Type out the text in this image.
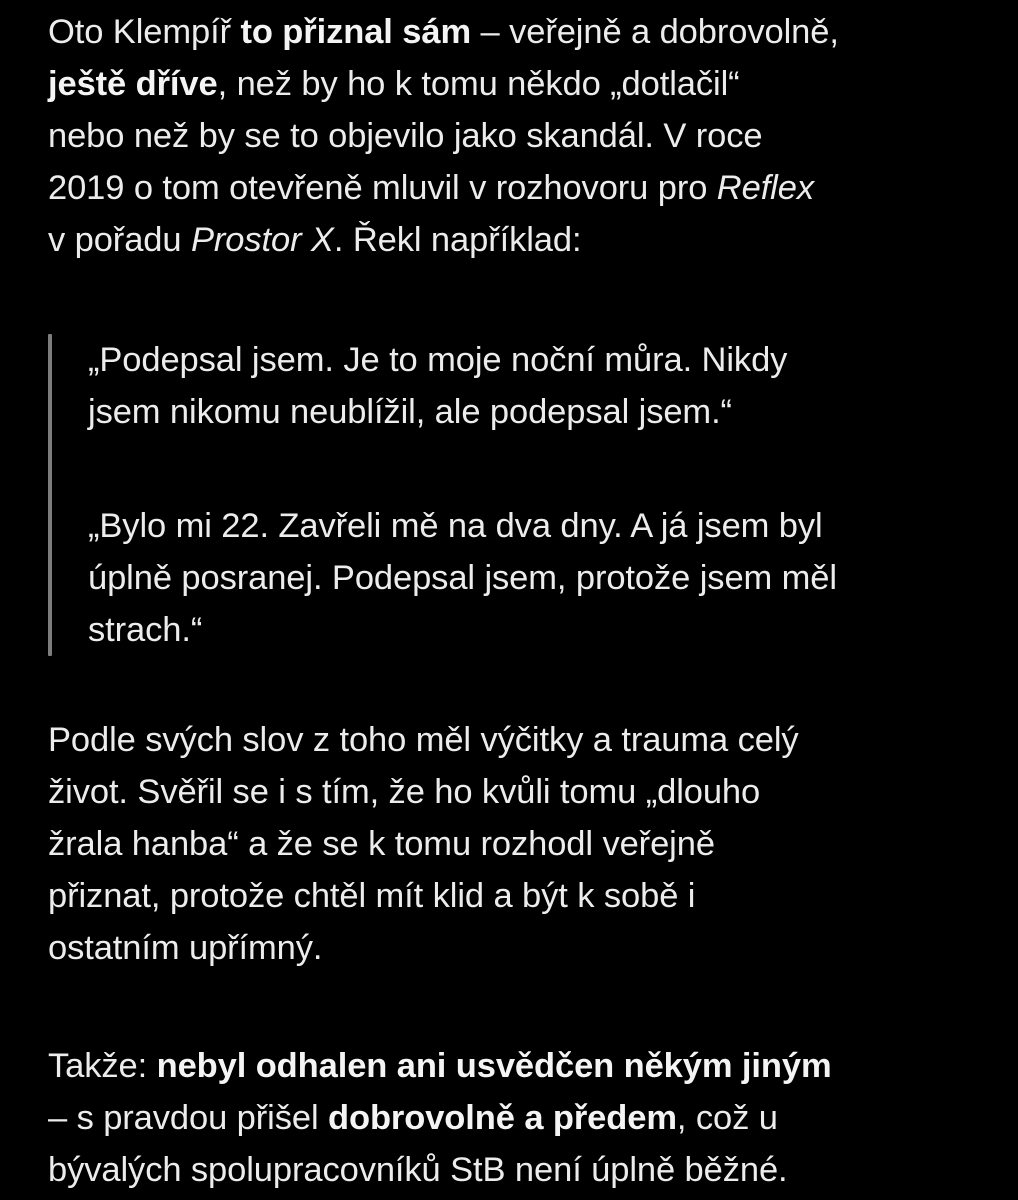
Oto Klempíř to přiznal sám – veřejně a dobrovolně,
ještě dříve, než by ho k tomu někdo „dotlačil“
nebo než by se to objevilo jako skandál. V roce
2019 o tom otevřeně mluvil v rozhovoru pro Reflex
v pořadu Prostor X. Řekl například:
„Podepsal jsem. Je to moje noční můra. Nikdy
jsem nikomu neublížil, ale podepsal jsem.“
„Bylo mi 22. Zavřeli mě na dva dny. A já jsem byl
úplně posranej. Podepsal jsem, protože jsem měl
strach.“
Podle svých slov z toho měl výčitky a trauma celý
život. Svěřil se i s tím, že ho kvůli tomu „dlouho
žrala hanba“ a že se k tomu rozhodl veřejně
přiznat, protože chtěl mít klid a být k sobě i
ostatním upřímný.
Takže: nebyl odhalen ani usvědčen někým jiným
– s pravdou přišel dobrovolně a předem, což u
bývalých spolupracovníků StB není úplně běžné.
